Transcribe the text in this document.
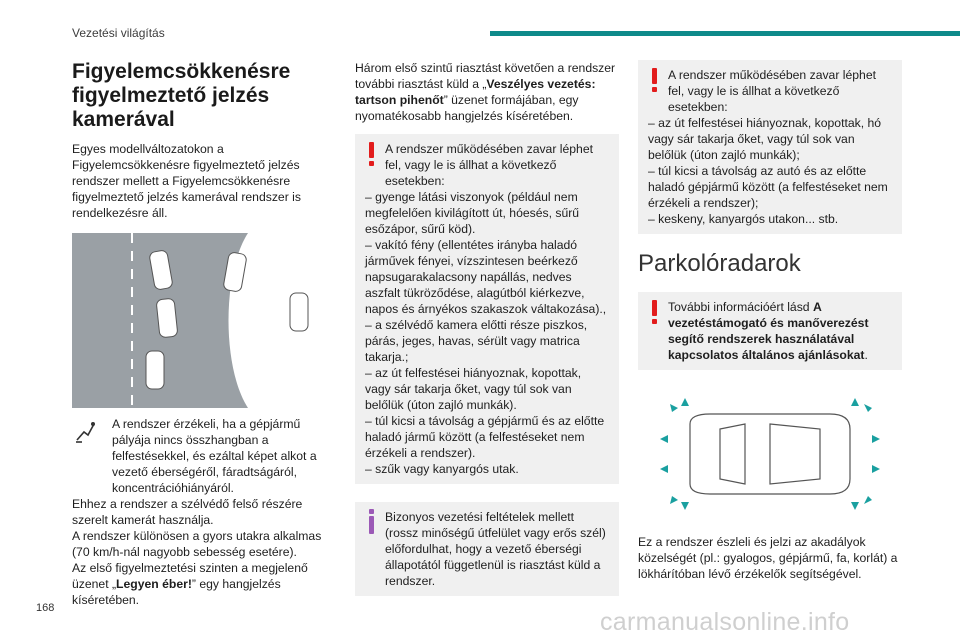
Vezetési világítás
Figyelemcsökkenésre figyelmeztető jelzés kamerával

Egyes modellváltozatokon a Figyelemcsökkenésre figyelmeztető jelzés rendszer mellett a Figyelemcsökkenésre figyelmeztető jelzés kamerával rendszer is rendelkezésre áll.

A rendszer érzékeli, ha a gépjármű pályája nincs összhangban a felfestésekkel, és ezáltal képet alkot a vezető éberségéről, fáradtságáról, koncentrációhiányáról.

Ehhez a rendszer a szélvédő felső részére szerelt kamerát használja.

A rendszer különösen a gyors utakra alkalmas (70 km/h-nál nagyobb sebesség esetére).

Az első figyelmeztetési szinten a megjelenő üzenet „Legyen éber!” egy hangjelzés kíséretében.

Három első szintű riasztást követően a rendszer további riasztást küld a „Veszélyes vezetés: tartson pihenőt” üzenet formájában, egy nyomatékosabb hangjelzés kíséretében.

A rendszer működésében zavar léphet fel, vagy le is állhat a következő esetekben:

– gyenge látási viszonyok (például nem megfelelően kivilágított út, hóesés, sűrű esőzápor, sűrű köd).

– vakító fény (ellentétes irányba haladó járművek fényei, vízszintesen beérkező napsugarakalacsony napállás, nedves aszfalt tükröződése, alagútból kiérkezve, napos és árnyékos szakaszok váltakozása).,

– a szélvédő kamera előtti része piszkos, párás, jeges, havas, sérült vagy matrica takarja.;

– az út felfestései hiányoznak, kopottak, vagy sár takarja őket, vagy túl sok van belőlük (úton zajló munkák).

– túl kicsi a távolság a gépjármű és az előtte haladó jármű között (a felfestéseket nem érzékeli a rendszer).

– szűk vagy kanyargós utak.

Bizonyos vezetési feltételek mellett (rossz minőségű útfelület vagy erős szél) előfordulhat, hogy a vezető éberségi állapotától függetlenül is riasztást küld a rendszer.

A rendszer működésében zavar léphet fel, vagy le is állhat a következő esetekben:

– az út felfestései hiányoznak, kopottak, hó vagy sár takarja őket, vagy túl sok van belőlük (úton zajló munkák);

– túl kicsi a távolság az autó és az előtte haladó gépjármű között (a felfestéseket nem érzékeli a rendszer);

– keskeny, kanyargós utakon... stb.

Parkolóradarok

További információért lásd A vezetéstámogató és manőverezést segítő rendszerek használatával kapcsolatos általános ajánlásokat.

Ez a rendszer észleli és jelzi az akadályok közelségét (pl.: gyalogos, gépjármű, fa, korlát) a lökhárítóban lévő érzékelők segítségével.

168	carmanualsonline.info
